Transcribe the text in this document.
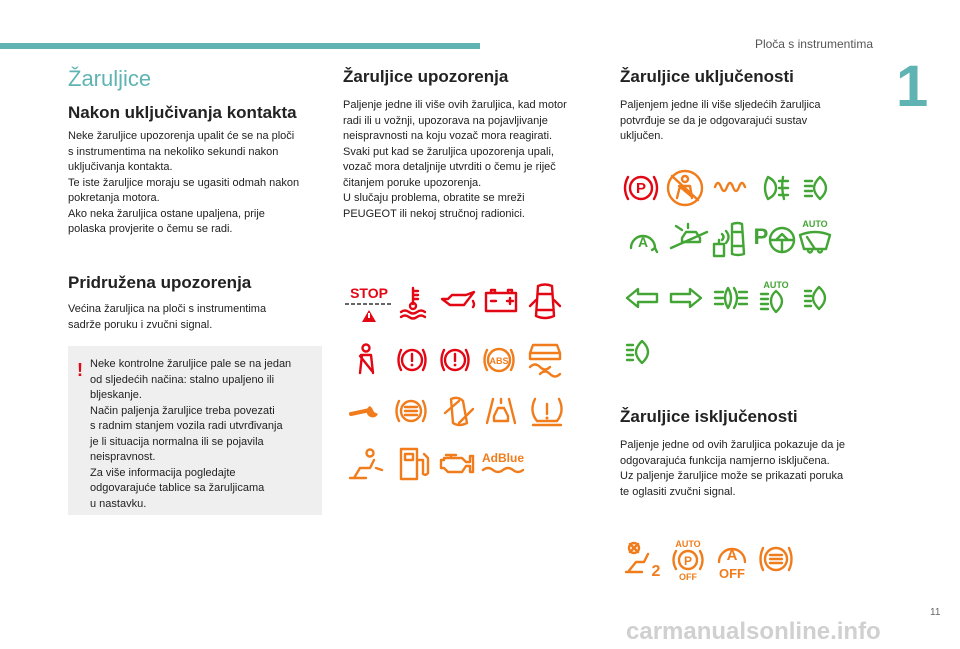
Ploča s instrumentima
1
Žaruljice
Nakon uključivanja kontakta

Neke žaruljice upozorenja upalit će se na ploči
s instrumentima na nekoliko sekundi nakon
uključivanja kontakta.
Te iste žaruljice moraju se ugasiti odmah nakon
pokretanja motora.
Ako neka žaruljica ostane upaljena, prije
polaska provjerite o čemu se radi.

Pridružena upozorenja

Većina žaruljica na ploči s instrumentima
sadrže poruku i zvučni signal.

! Neke kontrolne žaruljice pale se na jedan
od sljedećih načina: stalno upaljeno ili
bljeskanje.
Način paljenja žaruljice treba povezati
s radnim stanjem vozila radi utvrđivanja
je li situacija normalna ili se pojavila
neispravnost.
Za više informacija pogledajte
odgovarajuće tablice sa žaruljicama
u nastavku.

Žaruljice upozorenja

Paljenje jedne ili više ovih žaruljica, kad motor
radi ili u vožnji, upozorava na pojavljivanje
neispravnosti na koju vozač mora reagirati.
Svaki put kad se žaruljica upozorenja upali,
vozač mora detaljnije utvrditi o čemu je riječ
čitanjem poruke upozorenja.
U slučaju problema, obratite se mreži
PEUGEOT ili nekoj stručnoj radionici.

STOP
ABS
AdBlue
Žaruljice uključenosti

Paljenjem jedne ili više sljedećih žaruljica
potvrđuje se da je odgovarajući sustav
uključen.

P
A	P	AUTO
AUTO
Žaruljice isključenosti

Paljenje jedne od ovih žaruljica pokazuje da je
odgovarajuća funkcija namjerno isključena.
Uz paljenje žaruljice može se prikazati poruka
te oglasiti zvučni signal.

2
AUTO
P
OFF
A
OFF
11
carmanualsonline.info
